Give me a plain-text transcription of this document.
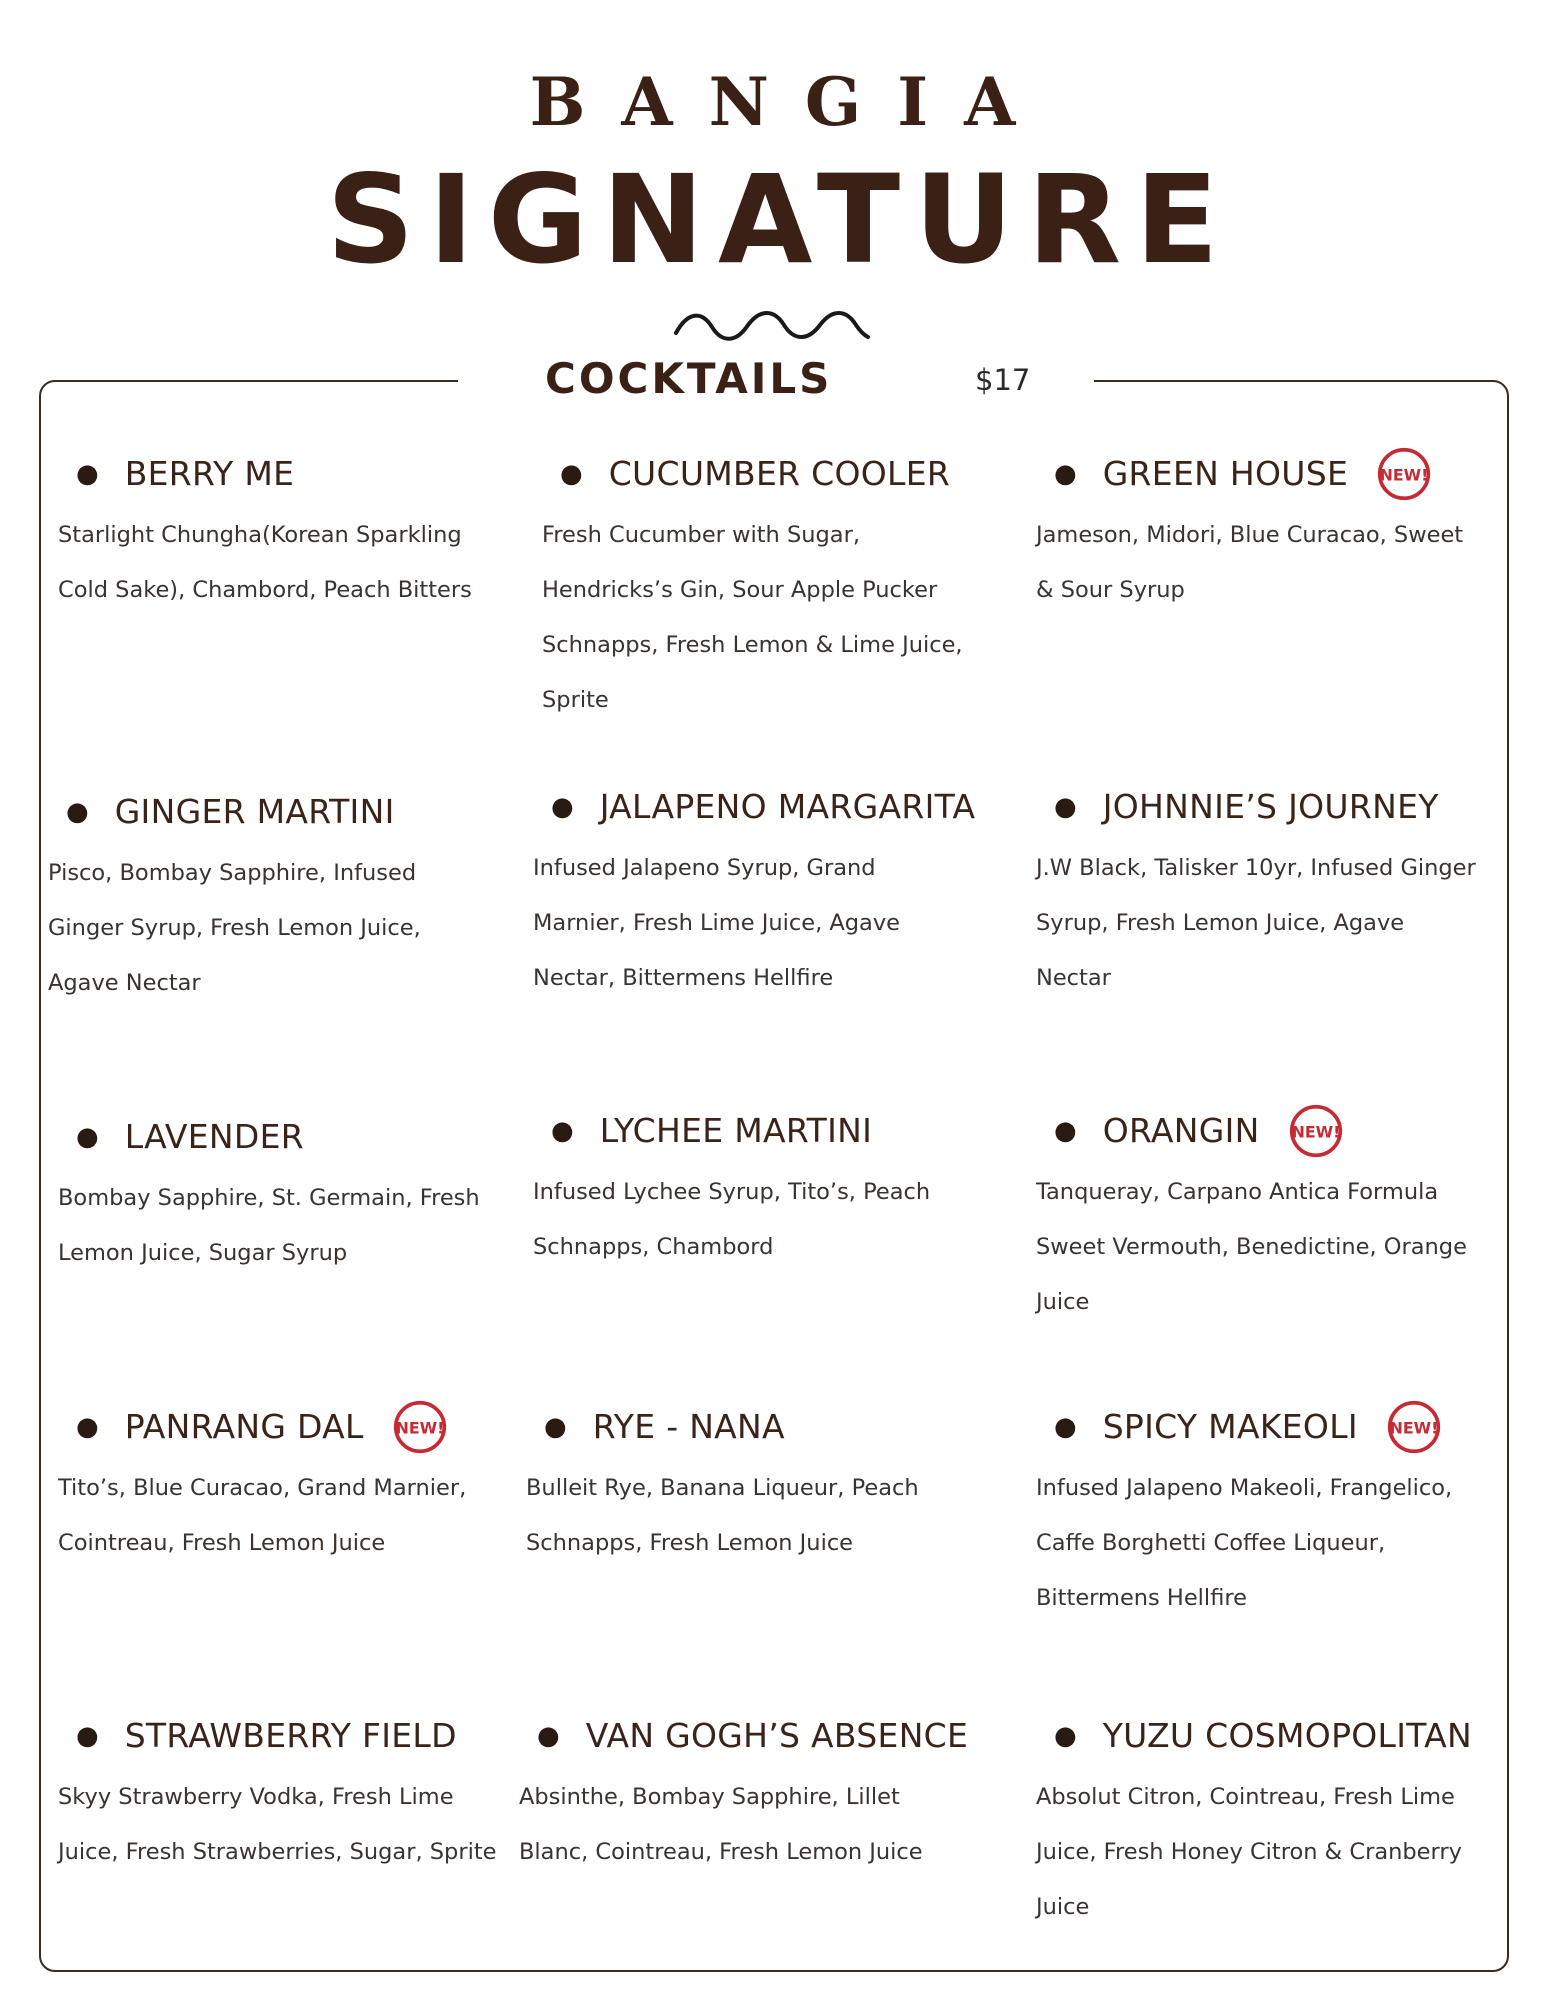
BANGIA
SIGNATURE
COCKTAILS	$17
● BERRY ME
Starlight Chungha(Korean Sparkling Cold Sake), Chambord, Peach Bitters
● CUCUMBER COOLER
Fresh Cucumber with Sugar, Hendricks’s Gin, Sour Apple Pucker Schnapps, Fresh Lemon & Lime Juice, Sprite
● GREEN HOUSE NEW!
Jameson, Midori, Blue Curacao, Sweet & Sour Syrup
● GINGER MARTINI
Pisco, Bombay Sapphire, Infused Ginger Syrup, Fresh Lemon Juice, Agave Nectar
● JALAPENO MARGARITA
Infused Jalapeno Syrup, Grand Marnier, Fresh Lime Juice, Agave Nectar, Bittermens Hellfire
● JOHNNIE’S JOURNEY
J.W Black, Talisker 10yr, Infused Ginger Syrup, Fresh Lemon Juice, Agave Nectar
● LAVENDER
Bombay Sapphire, St. Germain, Fresh Lemon Juice, Sugar Syrup
● LYCHEE MARTINI
Infused Lychee Syrup, Tito’s, Peach Schnapps, Chambord
● ORANGIN NEW!
Tanqueray, Carpano Antica Formula Sweet Vermouth, Benedictine, Orange Juice
● PANRANG DAL NEW!
Tito’s, Blue Curacao, Grand Marnier, Cointreau, Fresh Lemon Juice
● RYE - NANA
Bulleit Rye, Banana Liqueur, Peach Schnapps, Fresh Lemon Juice
● SPICY MAKEOLI NEW!
Infused Jalapeno Makeoli, Frangelico, Caffe Borghetti Coffee Liqueur, Bittermens Hellfire
● STRAWBERRY FIELD
Skyy Strawberry Vodka, Fresh Lime Juice, Fresh Strawberries, Sugar, Sprite
● VAN GOGH’S ABSENCE
Absinthe, Bombay Sapphire, Lillet Blanc, Cointreau, Fresh Lemon Juice
● YUZU COSMOPOLITAN
Absolut Citron, Cointreau, Fresh Lime Juice, Fresh Honey Citron & Cranberry Juice
